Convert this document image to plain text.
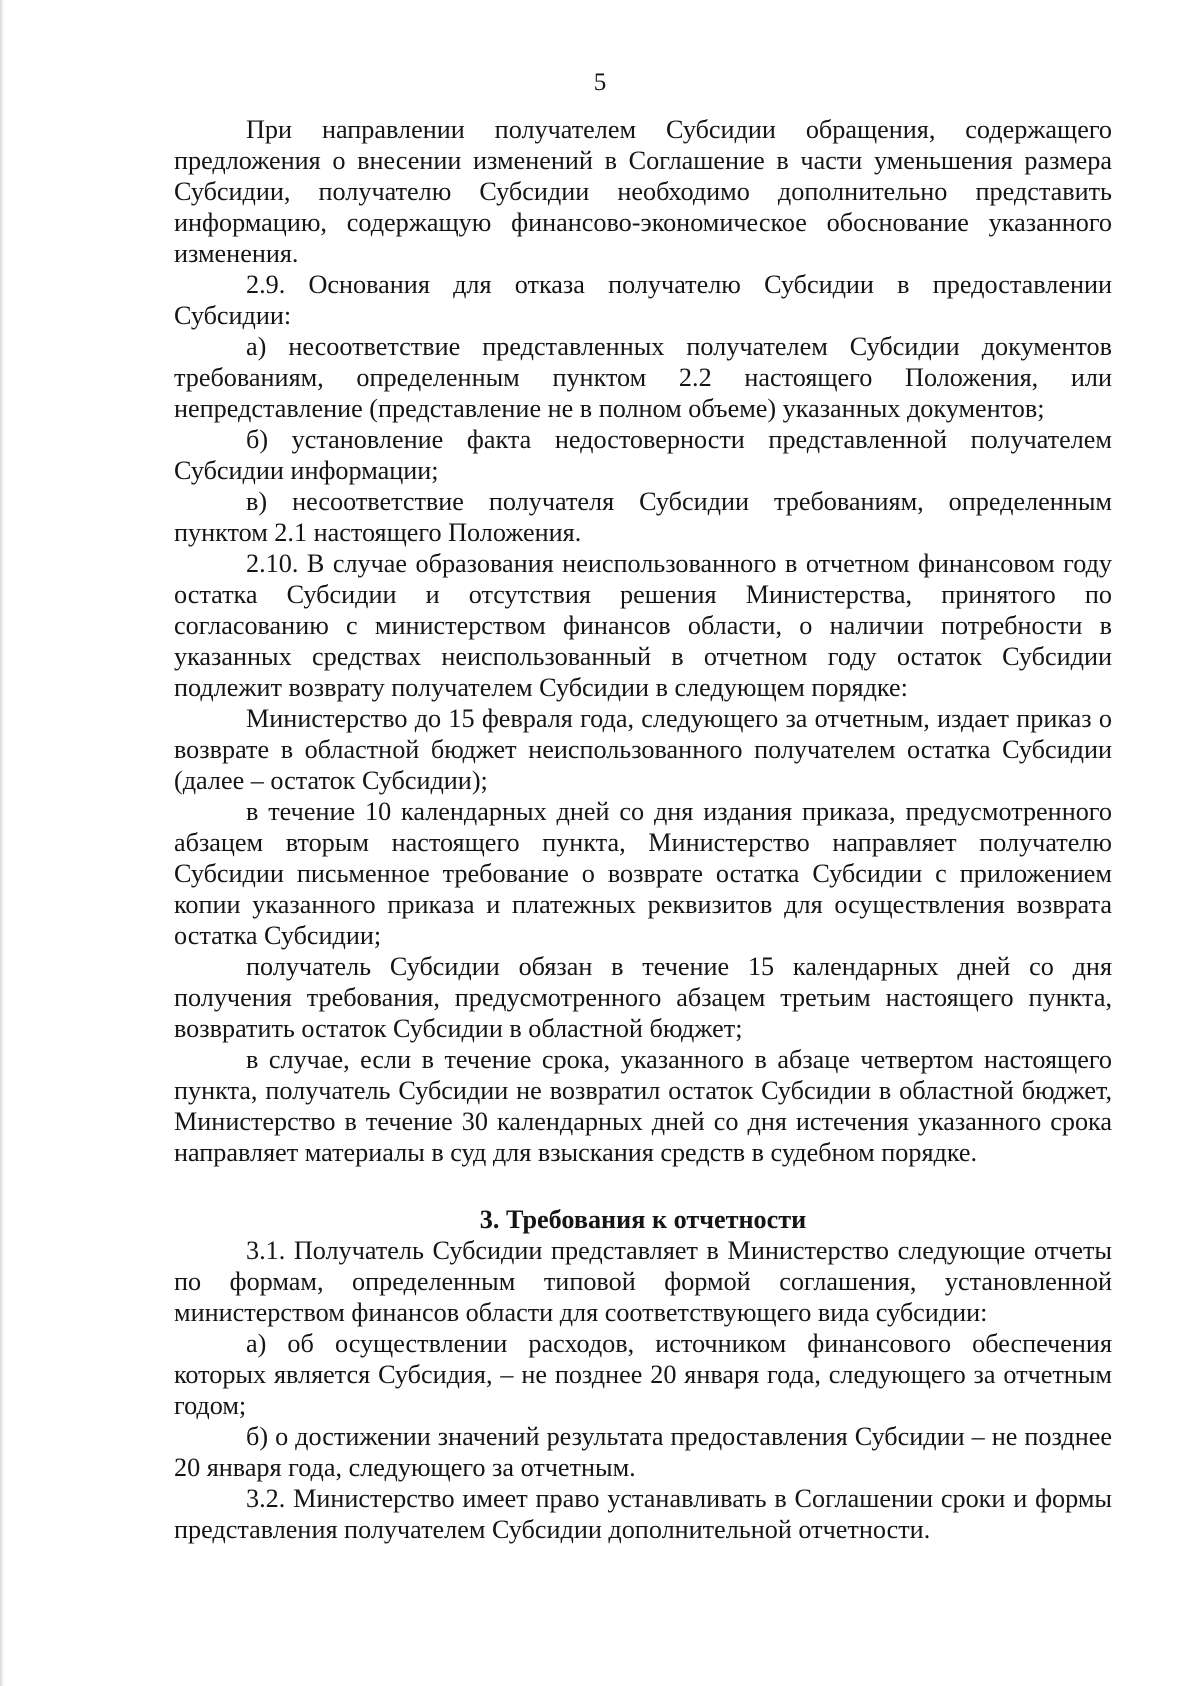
5

При направлении получателем Субсидии обращения, содержащего предложения о внесении изменений в Соглашение в части уменьшения размера Субсидии, получателю Субсидии необходимо дополнительно представить информацию, содержащую финансово-экономическое обоснование указанного изменения.

2.9. Основания для отказа получателю Субсидии в предоставлении Субсидии:

а) несоответствие представленных получателем Субсидии документов требованиям, определенным пунктом 2.2 настоящего Положения, или непредставление (представление не в полном объеме) указанных документов;

б) установление факта недостоверности представленной получателем Субсидии информации;

в) несоответствие получателя Субсидии требованиям, определенным пунктом 2.1 настоящего Положения.

2.10. В случае образования неиспользованного в отчетном финансовом году остатка Субсидии и отсутствия решения Министерства, принятого по согласованию с министерством финансов области, о наличии потребности в указанных средствах неиспользованный в отчетном году остаток Субсидии подлежит возврату получателем Субсидии в следующем порядке:

Министерство до 15 февраля года, следующего за отчетным, издает приказ о возврате в областной бюджет неиспользованного получателем остатка Субсидии (далее – остаток Субсидии);

в течение 10 календарных дней со дня издания приказа, предусмотренного абзацем вторым настоящего пункта, Министерство направляет получателю Субсидии письменное требование о возврате остатка Субсидии с приложением копии указанного приказа и платежных реквизитов для осуществления возврата остатка Субсидии;

получатель Субсидии обязан в течение 15 календарных дней со дня получения требования, предусмотренного абзацем третьим настоящего пункта, возвратить остаток Субсидии в областной бюджет;

в случае, если в течение срока, указанного в абзаце четвертом настоящего пункта, получатель Субсидии не возвратил остаток Субсидии в областной бюджет, Министерство в течение 30 календарных дней со дня истечения указанного срока направляет материалы в суд для взыскания средств в судебном порядке.

3. Требования к отчетности

3.1. Получатель Субсидии представляет в Министерство следующие отчеты по формам, определенным типовой формой соглашения, установленной министерством финансов области для соответствующего вида субсидии:

а) об осуществлении расходов, источником финансового обеспечения которых является Субсидия, – не позднее 20 января года, следующего за отчетным годом;

б) о достижении значений результата предоставления Субсидии – не позднее 20 января года, следующего за отчетным.

3.2. Министерство имеет право устанавливать в Соглашении сроки и формы представления получателем Субсидии дополнительной отчетности.
